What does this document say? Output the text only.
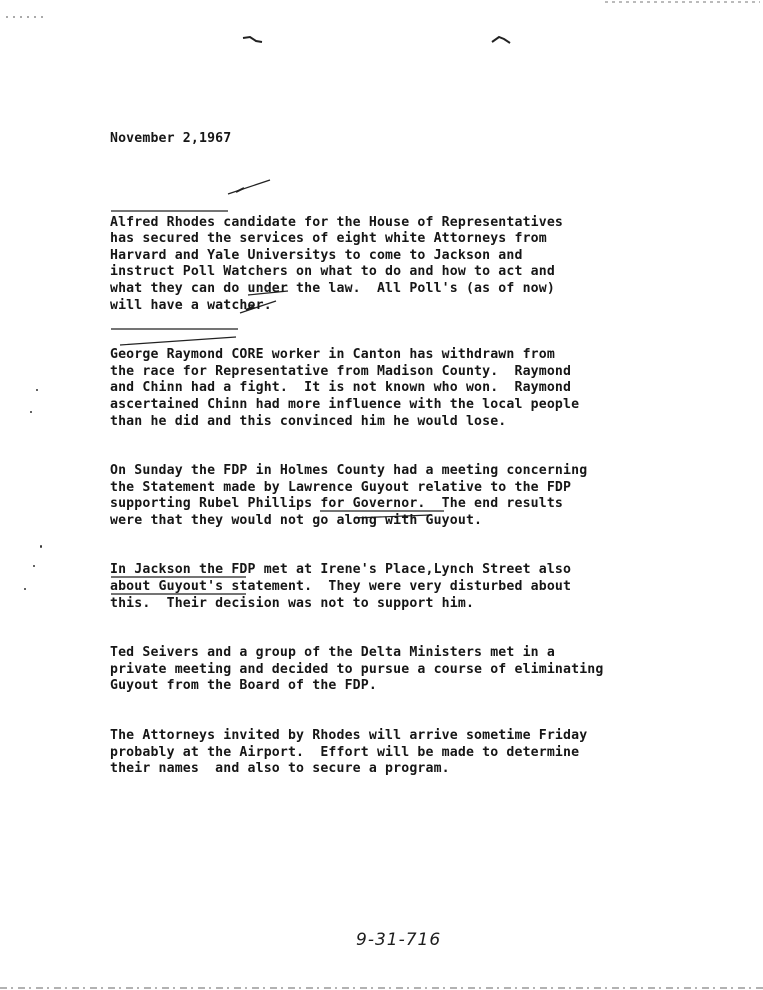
November 2,1967

Alfred Rhodes candidate for the House of Representatives
has secured the services of eight white Attorneys from
Harvard and Yale Universitys to come to Jackson and
instruct Poll Watchers on what to do and how to act and
what they can do under the law.  All Poll's (as of now)
will have a watcher.

George Raymond CORE worker in Canton has withdrawn from
the race for Representative from Madison County.  Raymond
and Chinn had a fight.  It is not known who won.  Raymond
ascertained Chinn had more influence with the local people
than he did and this convinced him he would lose.

On Sunday the FDP in Holmes County had a meeting concerning
the Statement made by Lawrence Guyout relative to the FDP
supporting Rubel Phillips for Governor.  The end results
were that they would not go along with Guyout.

In Jackson the FDP met at Irene's Place,Lynch Street also
about Guyout's statement.  They were very disturbed about
this.  Their decision was not to support him.

Ted Seivers and a group of the Delta Ministers met in a
private meeting and decided to pursue a course of eliminating
Guyout from the Board of the FDP.

The Attorneys invited by Rhodes will arrive sometime Friday
probably at the Airport.  Effort will be made to determine
their names  and also to secure a program.

9-31-716
